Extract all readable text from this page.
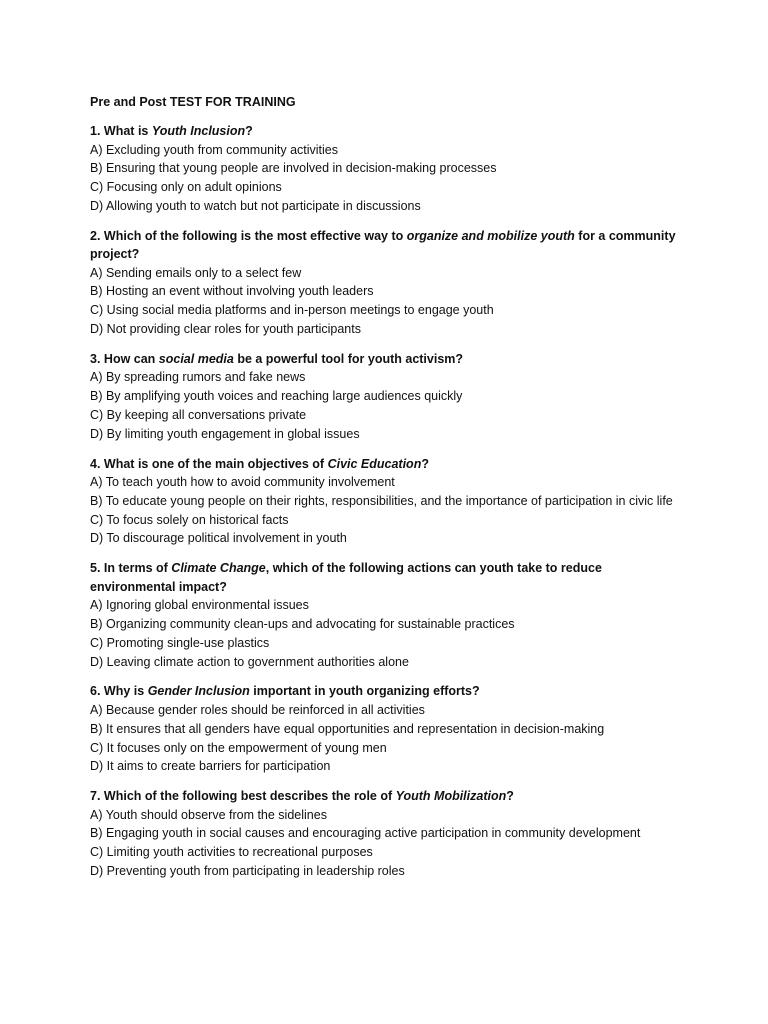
Pre and Post TEST FOR TRAINING

1. What is Youth Inclusion?

A) Excluding youth from community activities

B) Ensuring that young people are involved in decision-making processes

C) Focusing only on adult opinions

D) Allowing youth to watch but not participate in discussions

2. Which of the following is the most effective way to organize and mobilize youth for a community project?

A) Sending emails only to a select few

B) Hosting an event without involving youth leaders

C) Using social media platforms and in-person meetings to engage youth

D) Not providing clear roles for youth participants

3. How can social media be a powerful tool for youth activism?

A) By spreading rumors and fake news

B) By amplifying youth voices and reaching large audiences quickly

C) By keeping all conversations private

D) By limiting youth engagement in global issues

4. What is one of the main objectives of Civic Education?

A) To teach youth how to avoid community involvement

B) To educate young people on their rights, responsibilities, and the importance of participation in civic life

C) To focus solely on historical facts

D) To discourage political involvement in youth

5. In terms of Climate Change, which of the following actions can youth take to reduce environmental impact?

A) Ignoring global environmental issues

B) Organizing community clean-ups and advocating for sustainable practices

C) Promoting single-use plastics

D) Leaving climate action to government authorities alone

6. Why is Gender Inclusion important in youth organizing efforts?

A) Because gender roles should be reinforced in all activities

B) It ensures that all genders have equal opportunities and representation in decision-making

C) It focuses only on the empowerment of young men

D) It aims to create barriers for participation

7. Which of the following best describes the role of Youth Mobilization?

A) Youth should observe from the sidelines

B) Engaging youth in social causes and encouraging active participation in community development

C) Limiting youth activities to recreational purposes

D) Preventing youth from participating in leadership roles
